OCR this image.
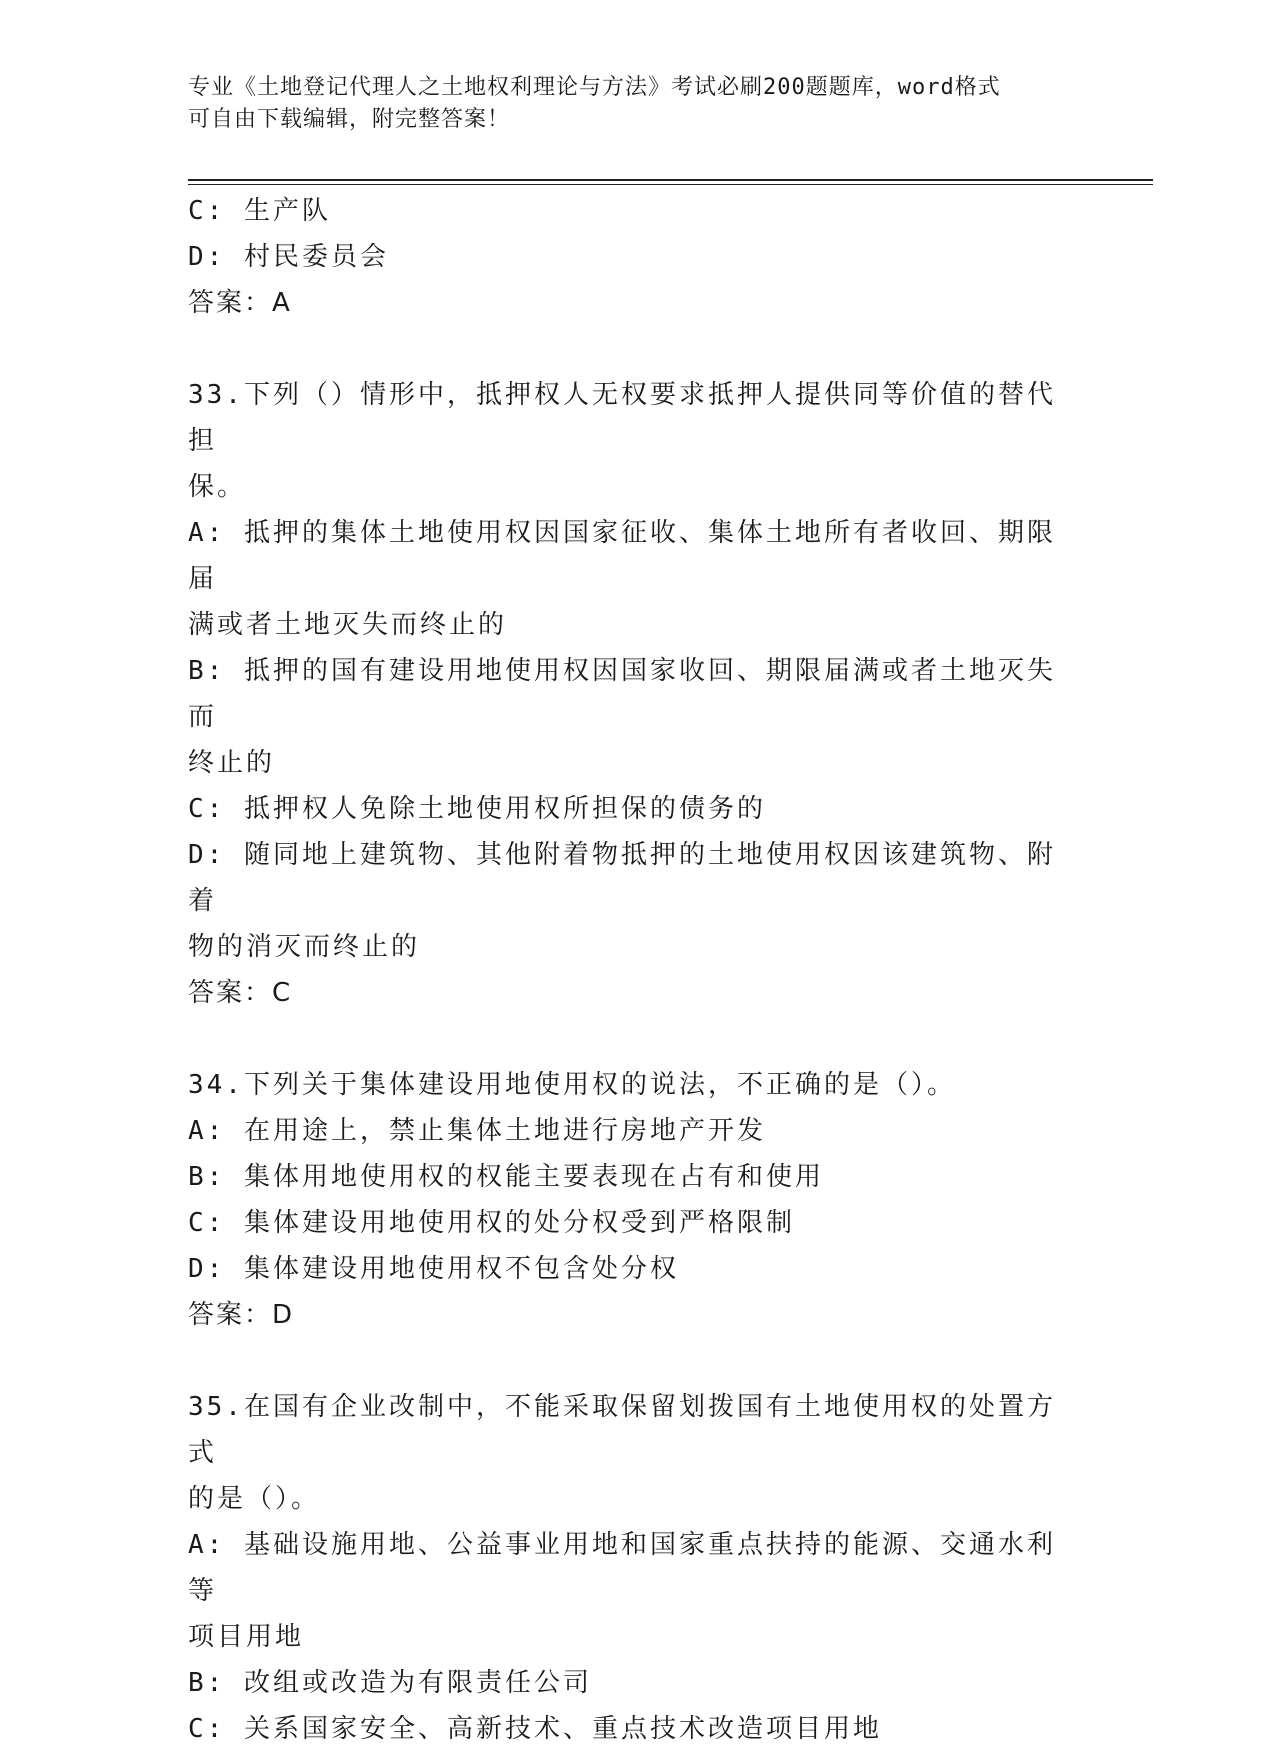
专业《土地登记代理人之土地权利理论与方法》考试必刷200题题库，word格式
可自由下载编辑，附完整答案！
C: 生产队
D: 村民委员会
答案：A
33.下列（）情形中，抵押权人无权要求抵押人提供同等价值的替代担
保。
A: 抵押的集体土地使用权因国家征收、集体土地所有者收回、期限届
满或者土地灭失而终止的
B: 抵押的国有建设用地使用权因国家收回、期限届满或者土地灭失而
终止的
C: 抵押权人免除土地使用权所担保的债务的
D: 随同地上建筑物、其他附着物抵押的土地使用权因该建筑物、附着
物的消灭而终止的
答案：C
34.下列关于集体建设用地使用权的说法，不正确的是（）。
A: 在用途上，禁止集体土地进行房地产开发
B: 集体用地使用权的权能主要表现在占有和使用
C: 集体建设用地使用权的处分权受到严格限制
D: 集体建设用地使用权不包含处分权
答案：D
35.在国有企业改制中，不能采取保留划拨国有土地使用权的处置方式
的是（）。
A: 基础设施用地、公益事业用地和国家重点扶持的能源、交通水利等
项目用地
B: 改组或改造为有限责任公司
C: 关系国家安全、高新技术、重点技术改造项目用地
